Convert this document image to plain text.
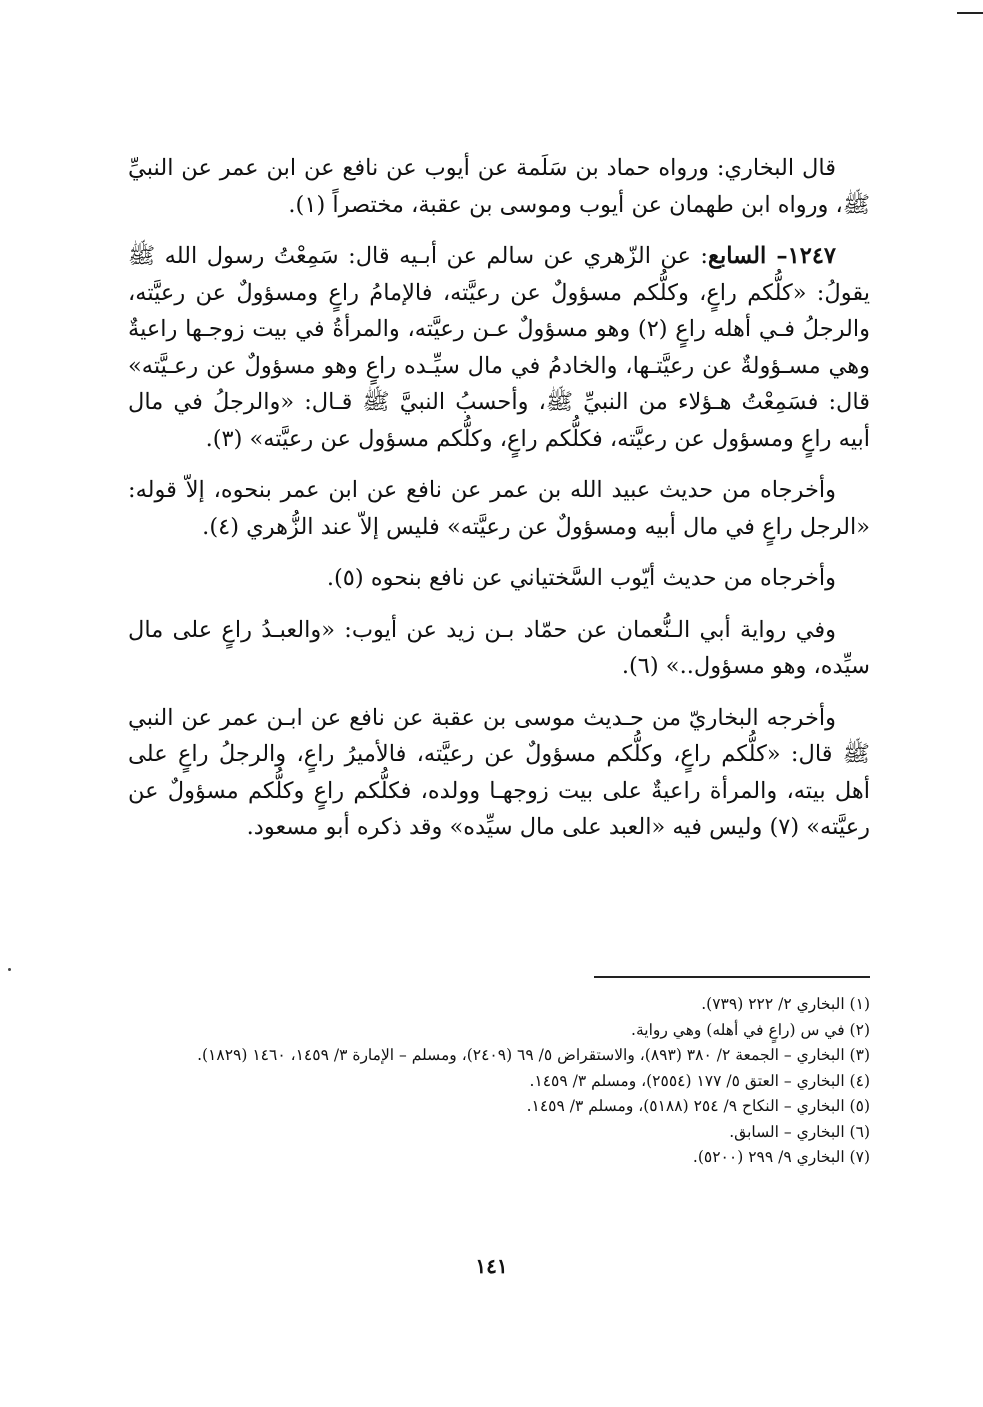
قال البخاري: ورواه حماد بن سَلَمة عن أيوب عن نافع عن ابن عمر عن النبيِّ ﷺ، ورواه ابن طهمان عن أيوب وموسى بن عقبة، مختصراً (١).

١٢٤٧– السابع: عن الزّهري عن سالم عن أبـيه قال: سَمِعْتُ رسول الله ﷺ يقولُ: «كلُّكم راعٍ، وكلُّكم مسؤولٌ عن رعيَّته، فالإمامُ راعٍ ومسؤولٌ عن رعيَّته، والرجلُ فـي أهله راعٍ (٢) وهو مسؤولٌ عـن رعيَّته، والمرأةُ في بيت زوجـها راعيةٌ وهي مسـؤولةٌ عن رعيَّتـها، والخادمُ في مال سيِّـده راعٍ وهو مسؤولٌ عن رعـيَّته» قال: فسَمِعْتُ هـؤلاء من النبيِّ ﷺ، وأحسبُ النبيَّ ﷺ قـال: «والرجلُ في مال أبيه راعٍ ومسؤول عن رعيَّته، فكلُّكم راعٍ، وكلُّكم مسؤول عن رعيَّته» (٣).

وأخرجاه من حديث عبيد الله بن عمر عن نافع عن ابن عمر بنحوه، إلاّ قوله: «الرجل راعٍ في مال أبيه ومسؤولٌ عن رعيَّته» فليس إلاّ عند الزُّهري (٤).

وأخرجاه من حديث أيّوب السَّختياني عن نافع بنحوه (٥).

وفي رواية أبي الـنُّعمان عن حمّاد بـن زيد عن أيوب: «والعبـدُ راعٍ على مال سيِّده، وهو مسؤول..» (٦).

وأخرجه البخاريّ من حـديث موسى بن عقبة عن نافع عن ابـن عمر عن النبي ﷺ قال: «كلُّكم راعٍ، وكلُّكم مسؤولٌ عن رعيَّته، فالأميرُ راعٍ، والرجلُ راعٍ على أهل بيته، والمرأة راعيةٌ على بيت زوجهـا وولده، فكلُّكم راعٍ وكلُّكم مسؤولٌ عن رعيَّته» (٧) وليس فيه «العبد على مال سيِّده» وقد ذكره أبو مسعود.

(١) البخاري ٢/ ٢٢٢ (٧٣٩).
(٢) في س (راعٍ في أهله) وهي رواية.
(٣) البخاري – الجمعة ٢/ ٣٨٠ (٨٩٣)، والاستقراض ٥/ ٦٩ (٢٤٠٩)، ومسلم – الإمارة ٣/ ١٤٥٩، ١٤٦٠ (١٨٢٩).
(٤) البخاري – العتق ٥/ ١٧٧ (٢٥٥٤)، ومسلم ٣/ ١٤٥٩.
(٥) البخاري – النكاح ٩/ ٢٥٤ (٥١٨٨)، ومسلم ٣/ ١٤٥٩.
(٦) البخاري – السابق.
(٧) البخاري ٩/ ٢٩٩ (٥٢٠٠).
١٤١
